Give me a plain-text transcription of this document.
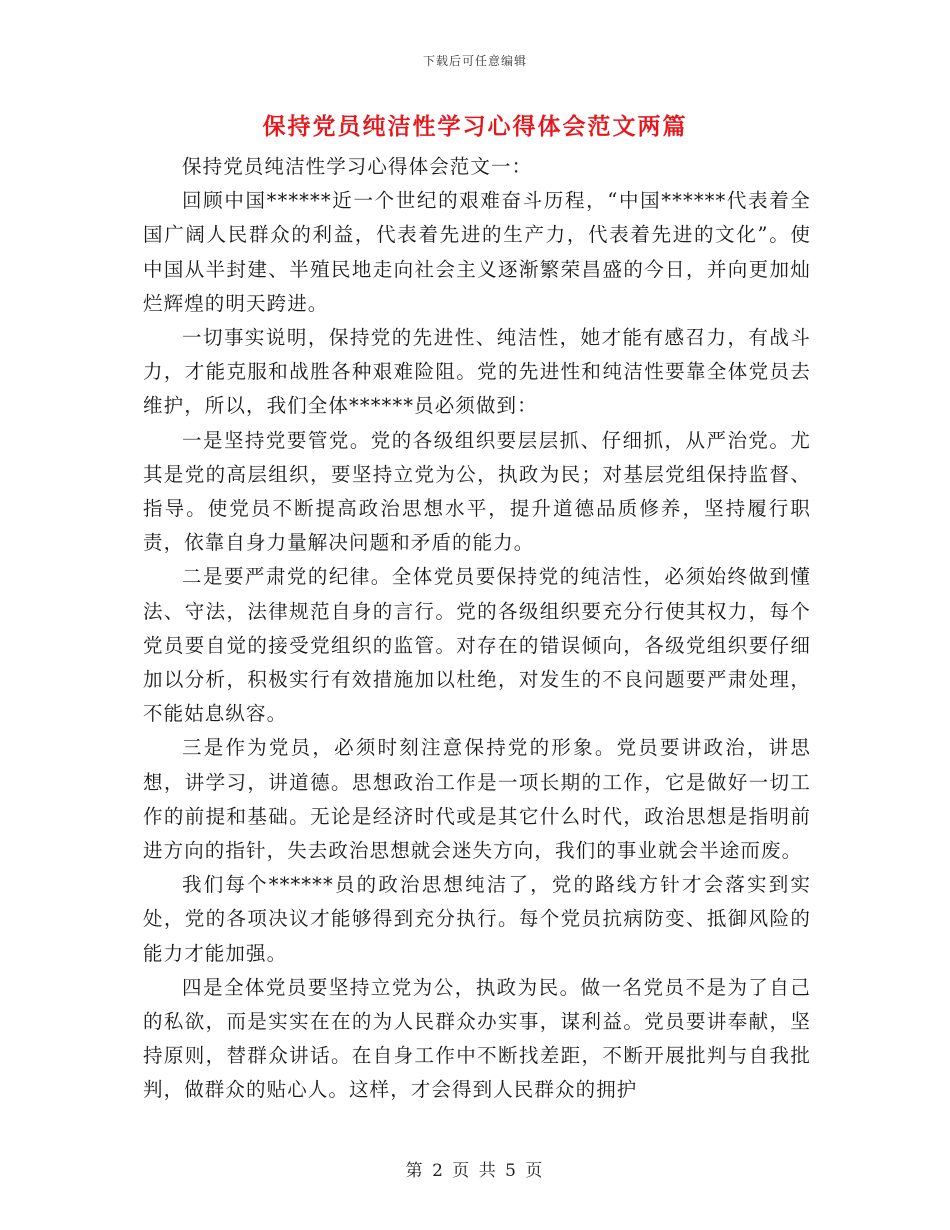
下载后可任意编辑
保持党员纯洁性学习心得体会范文两篇

保持党员纯洁性学习心得体会范文一：

回顾中国******近一个世纪的艰难奋斗历程，“中国******代表着全国广阔人民群众的利益，代表着先进的生产力，代表着先进的文化”。使中国从半封建、半殖民地走向社会主义逐渐繁荣昌盛的今日，并向更加灿烂辉煌的明天跨进。

一切事实说明，保持党的先进性、纯洁性，她才能有感召力，有战斗力，才能克服和战胜各种艰难险阻。党的先进性和纯洁性要靠全体党员去维护，所以，我们全体******员必须做到：

一是坚持党要管党。党的各级组织要层层抓、仔细抓，从严治党。尤其是党的高层组织，要坚持立党为公，执政为民；对基层党组保持监督、指导。使党员不断提高政治思想水平，提升道德品质修养，坚持履行职责，依靠自身力量解决问题和矛盾的能力。

二是要严肃党的纪律。全体党员要保持党的纯洁性，必须始终做到懂法、守法，法律规范自身的言行。党的各级组织要充分行使其权力，每个党员要自觉的接受党组织的监管。对存在的错误倾向，各级党组织要仔细加以分析，积极实行有效措施加以杜绝，对发生的不良问题要严肃处理，不能姑息纵容。

三是作为党员，必须时刻注意保持党的形象。党员要讲政治，讲思想，讲学习，讲道德。思想政治工作是一项长期的工作，它是做好一切工作的前提和基础。无论是经济时代或是其它什么时代，政治思想是指明前进方向的指针，失去政治思想就会迷失方向，我们的事业就会半途而废。

我们每个******员的政治思想纯洁了，党的路线方针才会落实到实处，党的各项决议才能够得到充分执行。每个党员抗病防变、抵御风险的能力才能加强。

四是全体党员要坚持立党为公，执政为民。做一名党员不是为了自己的私欲，而是实实在在的为人民群众办实事，谋利益。党员要讲奉献，坚持原则，替群众讲话。在自身工作中不断找差距，不断开展批判与自我批判，做群众的贴心人。这样，才会得到人民群众的拥护

第 2 页 共 5 页
